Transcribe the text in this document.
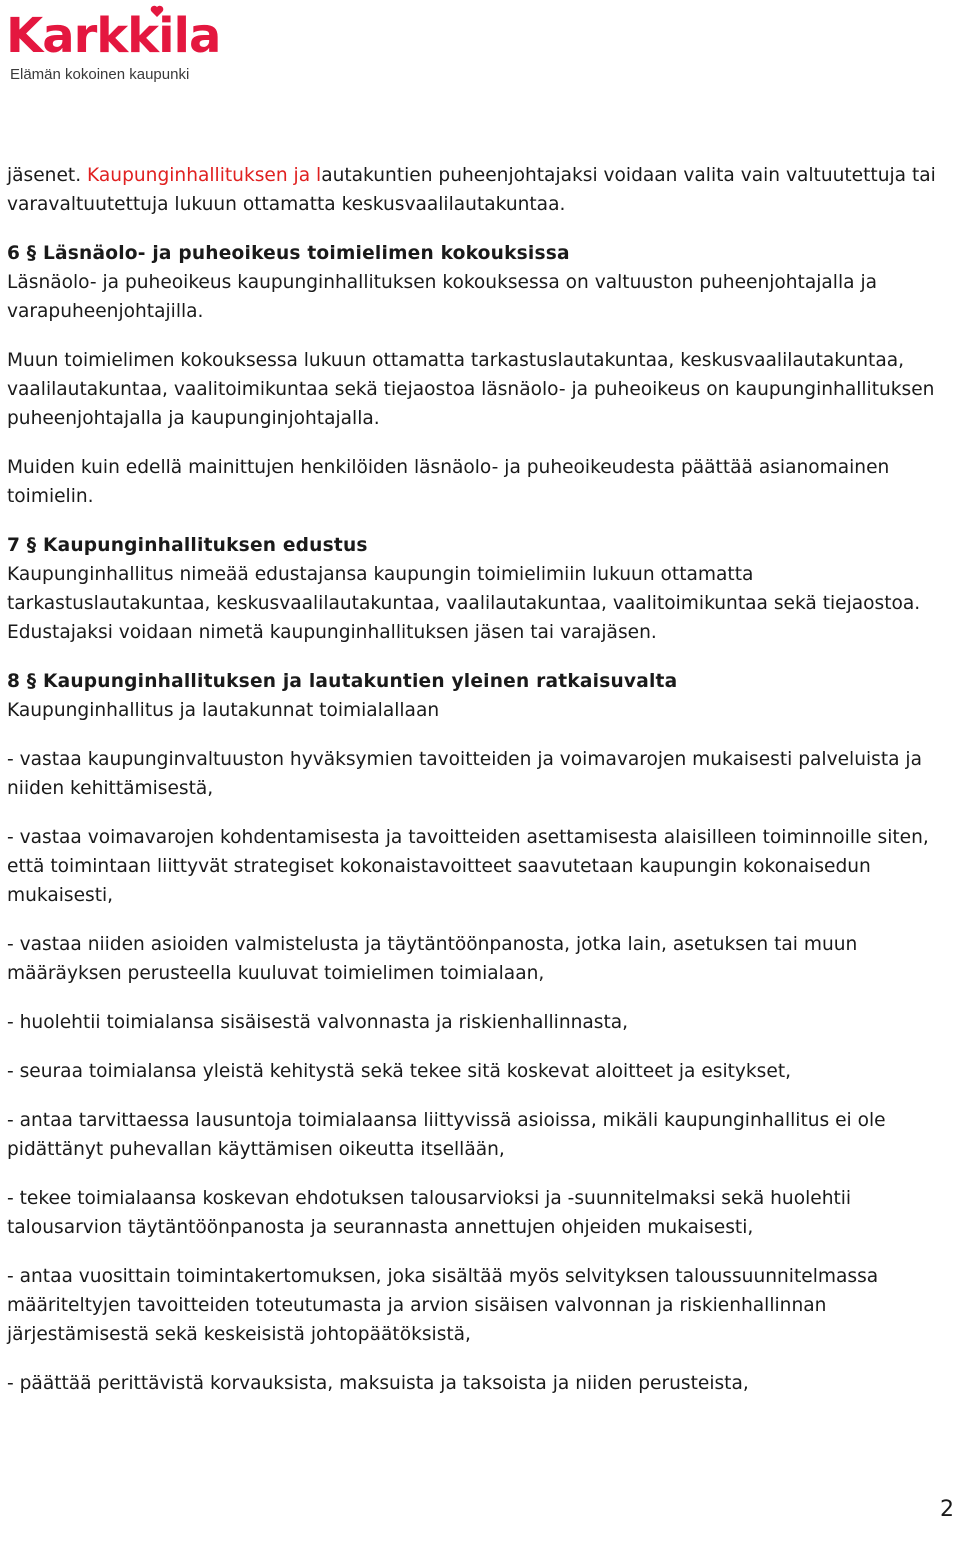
Karkkila
Elämän kokoinen kaupunki

jäsenet. Kaupunginhallituksen ja lautakuntien puheenjohtajaksi voidaan valita vain valtuutettuja tai varavaltuutettuja lukuun ottamatta keskusvaalilautakuntaa.

6 § Läsnäolo- ja puheoikeus toimielimen kokouksissa

Läsnäolo- ja puheoikeus kaupunginhallituksen kokouksessa on valtuuston puheenjohtajalla ja varapuheenjohtajilla.

Muun toimielimen kokouksessa lukuun ottamatta tarkastuslautakuntaa, keskusvaalilautakuntaa, vaalilautakuntaa, vaalitoimikuntaa sekä tiejaostoa läsnäolo- ja puheoikeus on kaupunginhallituksen puheenjohtajalla ja kaupunginjohtajalla.

Muiden kuin edellä mainittujen henkilöiden läsnäolo- ja puheoikeudesta päättää asianomainen toimielin.

7 § Kaupunginhallituksen edustus

Kaupunginhallitus nimeää edustajansa kaupungin toimielimiin lukuun ottamatta tarkastuslautakuntaa, keskusvaalilautakuntaa, vaalilautakuntaa, vaalitoimikuntaa sekä tiejaostoa. Edustajaksi voidaan nimetä kaupunginhallituksen jäsen tai varajäsen.

8 § Kaupunginhallituksen ja lautakuntien yleinen ratkaisuvalta

Kaupunginhallitus ja lautakunnat toimialallaan

- vastaa kaupunginvaltuuston hyväksymien tavoitteiden ja voimavarojen mukaisesti palveluista ja niiden kehittämisestä,

- vastaa voimavarojen kohdentamisesta ja tavoitteiden asettamisesta alaisilleen toiminnoille siten, että toimintaan liittyvät strategiset kokonaistavoitteet saavutetaan kaupungin kokonaisedun mukaisesti,

- vastaa niiden asioiden valmistelusta ja täytäntöönpanosta, jotka lain, asetuksen tai muun määräyksen perusteella kuuluvat toimielimen toimialaan,

- huolehtii toimialansa sisäisestä valvonnasta ja riskienhallinnasta,

- seuraa toimialansa yleistä kehitystä sekä tekee sitä koskevat aloitteet ja esitykset,

- antaa tarvittaessa lausuntoja toimialaansa liittyvissä asioissa, mikäli kaupunginhallitus ei ole pidättänyt puhevallan käyttämisen oikeutta itsellään,

- tekee toimialaansa koskevan ehdotuksen talousarvioksi ja -suunnitelmaksi sekä huolehtii talousarvion täytäntöönpanosta ja seurannasta annettujen ohjeiden mukaisesti,

- antaa vuosittain toimintakertomuksen, joka sisältää myös selvityksen taloussuunnitelmassa määriteltyjen tavoitteiden toteutumasta ja arvion sisäisen valvonnan ja riskienhallinnan järjestämisestä sekä keskeisistä johtopäätöksistä,

- päättää perittävistä korvauksista, maksuista ja taksoista ja niiden perusteista,

2
